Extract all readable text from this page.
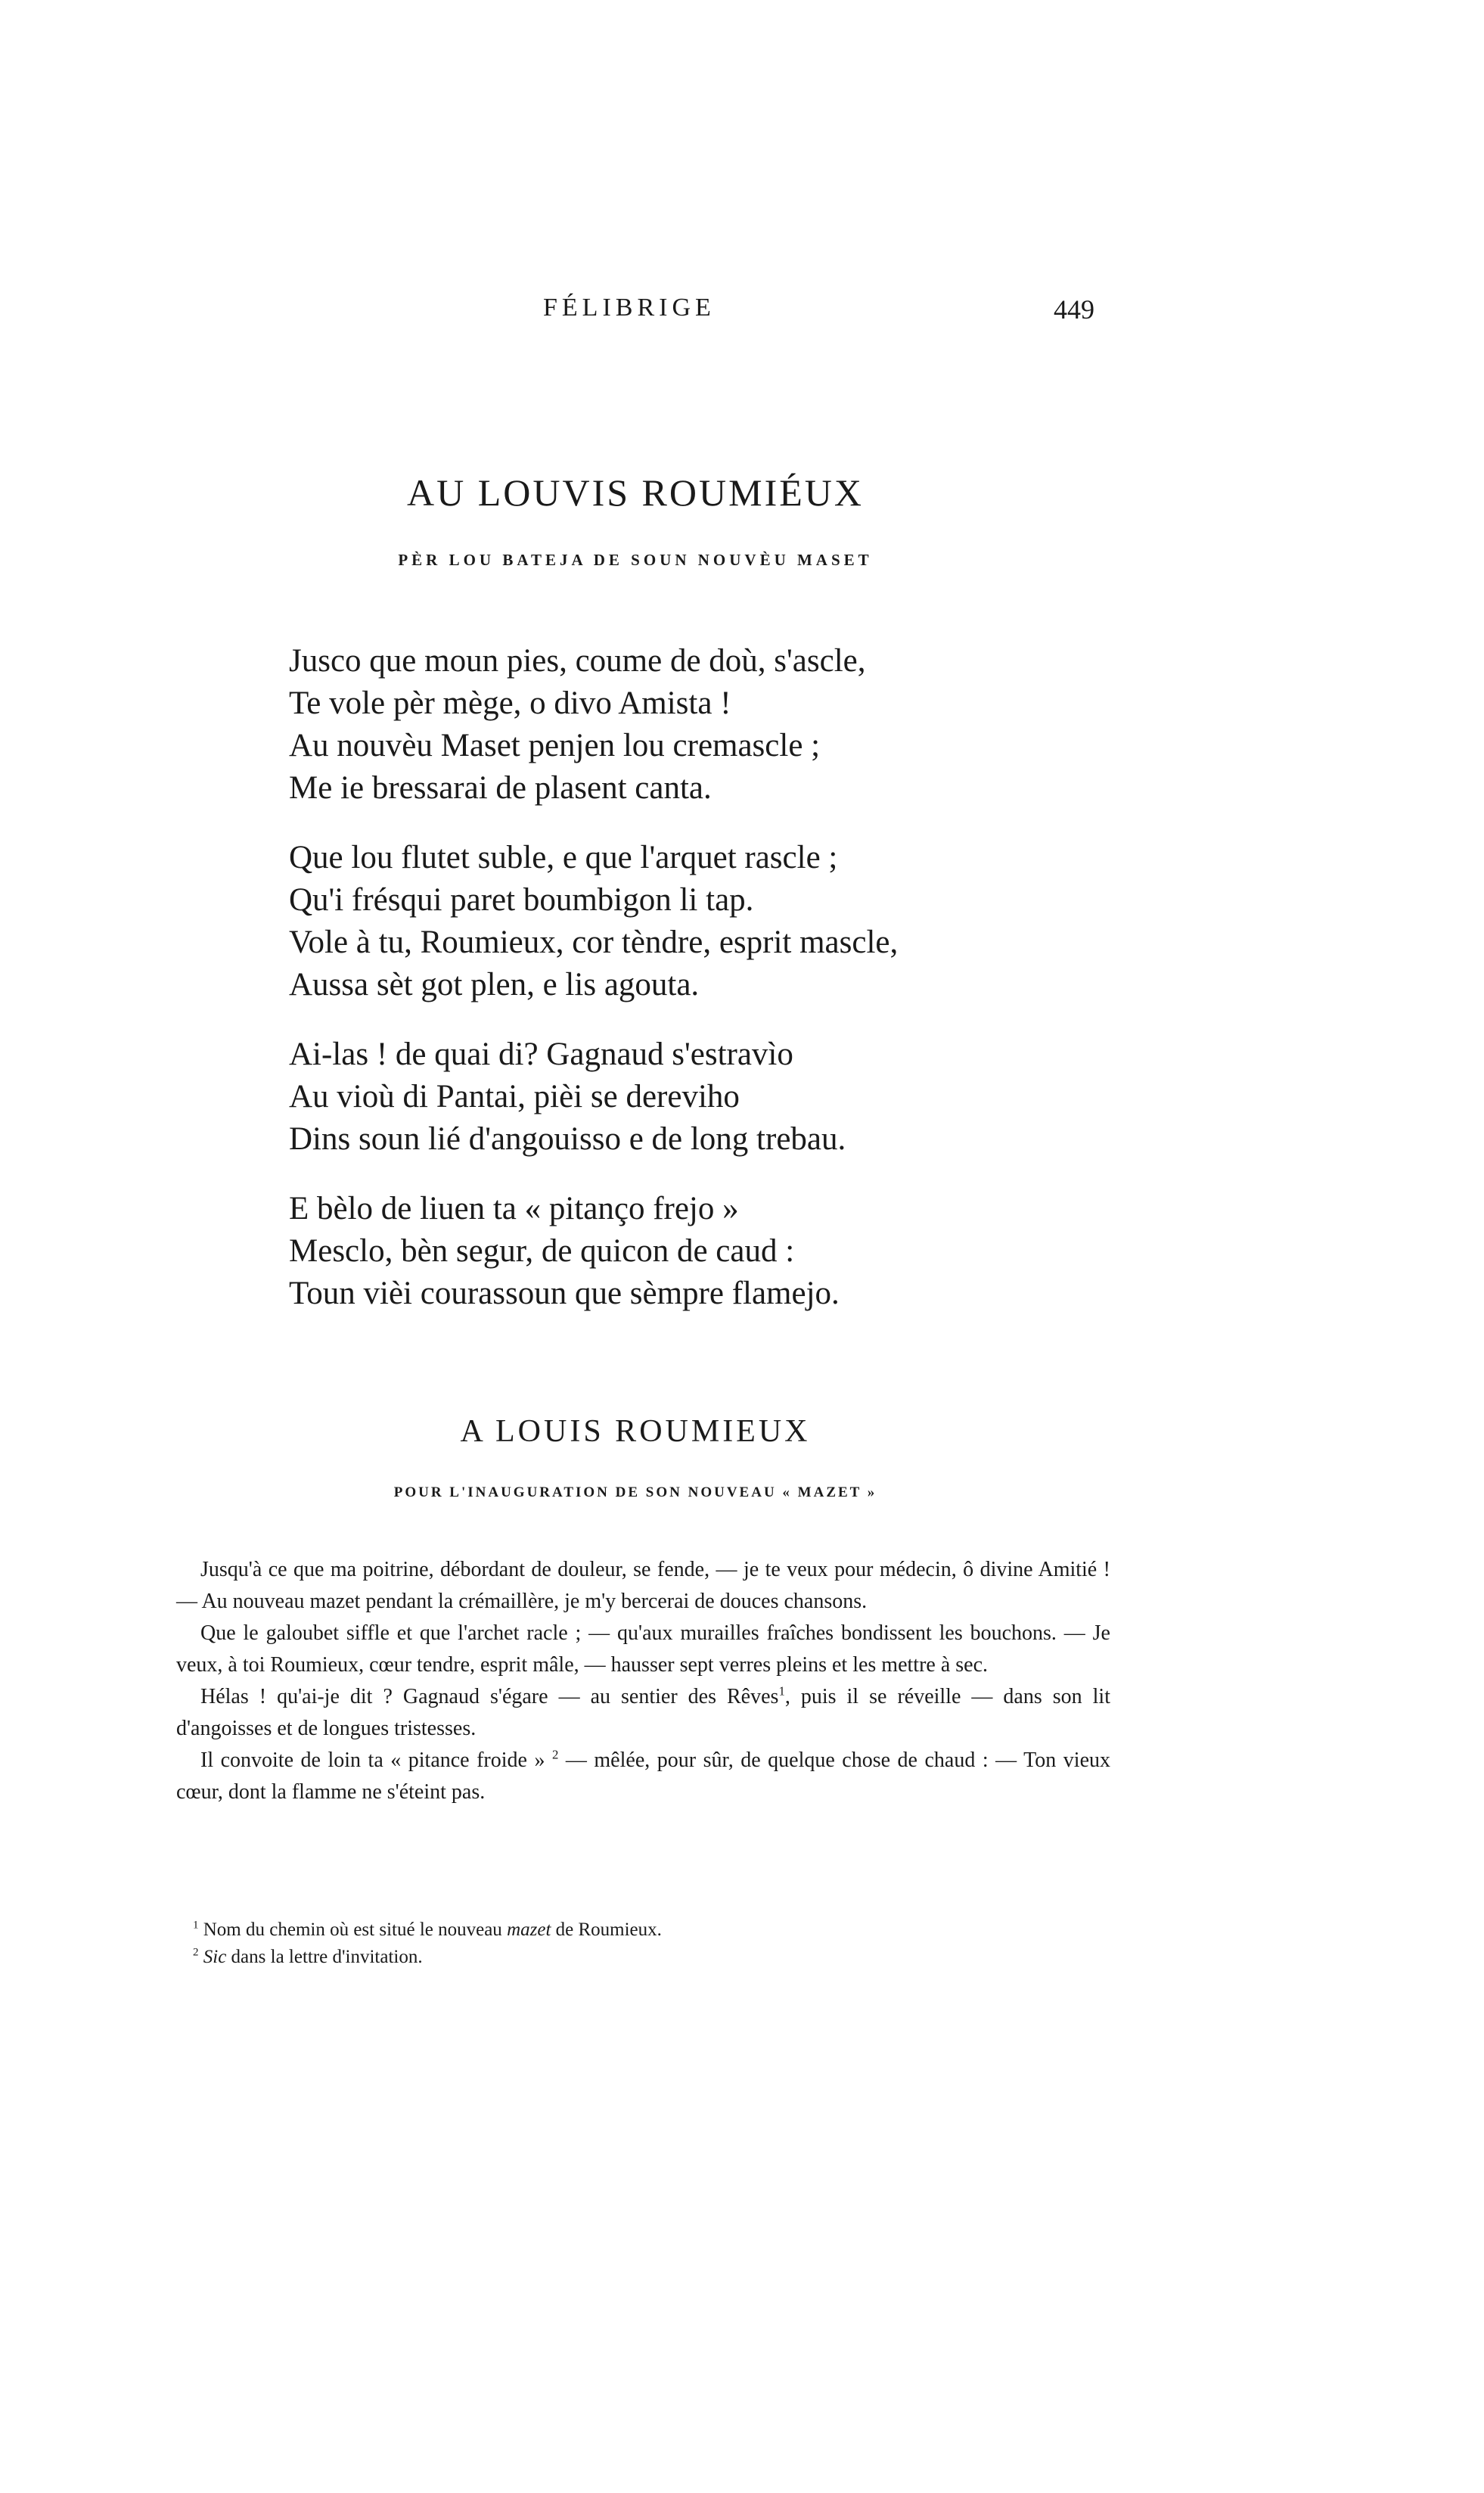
FÉLIBRIGE	449
AU LOUVIS ROUMIÉUX
PÈR LOU BATEJA DE SOUN NOUVÈU MASET
Jusco que moun pies, coume de doù, s'ascle,
Te vole pèr mège, o divo Amista !
Au nouvèu Maset penjen lou cremascle ;
Me ie bressarai de plasent canta.
Que lou flutet suble, e que l'arquet rascle ;
Qu'i frésqui paret boumbigon li tap.
Vole à tu, Roumieux, cor tèndre, esprit mascle,
Aussa sèt got plen, e lis agouta.
Ai-las ! de quai di? Gagnaud s'estravìo
Au vioù di Pantai, pièi se dereviho
Dins soun lié d'angouisso e de long trebau.
E bèlo de liuen ta « pitanço frejo »
Mesclo, bèn segur, de quicon de caud :
Toun vièi courassoun que sèmpre flamejo.
A LOUIS ROUMIEUX
POUR L'INAUGURATION DE SON NOUVEAU « MAZET »

Jusqu'à ce que ma poitrine, débordant de douleur, se fende, — je te veux pour médecin, ô divine Amitié ! — Au nouveau mazet pendant la crémaillère, je m'y bercerai de douces chansons.

Que le galoubet siffle et que l'archet racle ; — qu'aux murailles fraîches bondissent les bouchons. — Je veux, à toi Roumieux, cœur tendre, esprit mâle, — hausser sept verres pleins et les mettre à sec.

Hélas ! qu'ai-je dit ? Gagnaud s'égare — au sentier des Rêves$^1$, puis il se réveille — dans son lit d'angoisses et de longues tristesses.

Il convoite de loin ta « pitance froide » $^2$ — mêlée, pour sûr, de quelque chose de chaud : — Ton vieux cœur, dont la flamme ne s'éteint pas.

$^1$ Nom du chemin où est situé le nouveau mazet de Roumieux.

$^2$ Sic dans la lettre d'invitation.
